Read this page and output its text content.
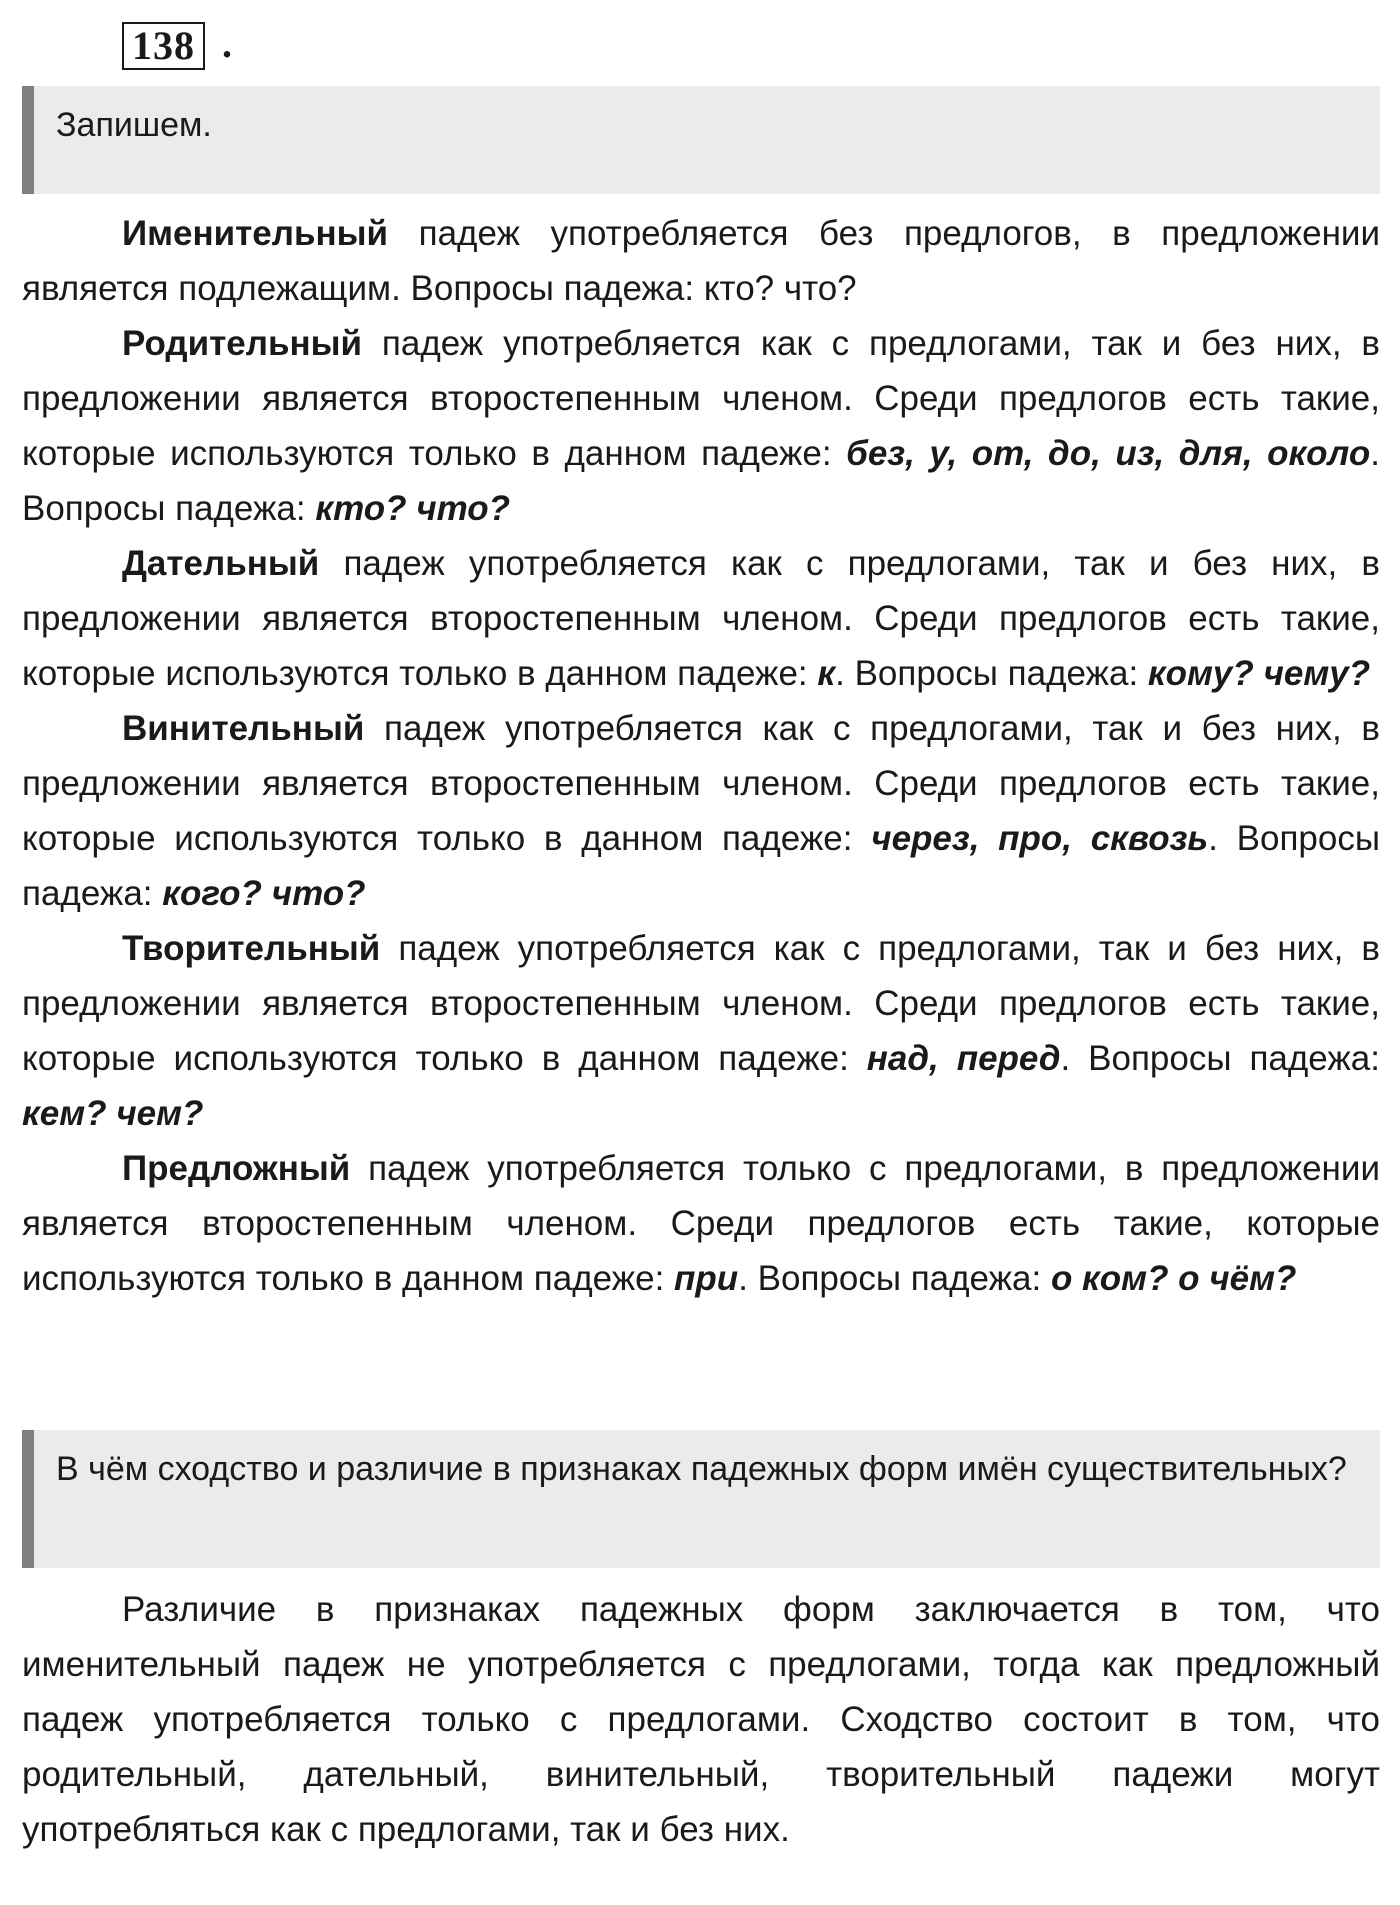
138 .
Запишем.

Именительный падеж употребляется без предлогов, в предложении является подлежащим. Вопросы падежа: кто? что?

Родительный падеж употребляется как с предлогами, так и без них, в предложении является второстепенным членом. Среди предлогов есть такие, которые используются только в данном падеже: без, у, от, до, из, для, около. Вопросы падежа: кто? что?

Дательный падеж употребляется как с предлогами, так и без них, в предложении является второстепенным членом. Среди предлогов есть такие, которые используются только в данном падеже: к. Вопросы падежа: кому? чему?

Винительный падеж употребляется как с предлогами, так и без них, в предложении является второстепенным членом. Среди предлогов есть такие, которые используются только в данном падеже: через, про, сквозь. Вопросы падежа: кого? что?

Творительный падеж употребляется как с предлогами, так и без них, в предложении является второстепенным членом. Среди предлогов есть такие, которые используются только в данном падеже: над, перед. Вопросы падежа: кем? чем?

Предложный падеж употребляется только с предлогами, в предложении является второстепенным членом. Среди предлогов есть такие, которые используются только в данном падеже: при. Вопросы падежа: о ком? о чём?

В чём сходство и различие в признаках падежных форм имён существительных?

Различие в признаках падежных форм заключается в том, что именительный падеж не употребляется с предлогами, тогда как предложный падеж употребляется только с предлогами. Сходство состоит в том, что родительный, дательный, винительный, творительный падежи могут употребляться как с предлогами, так и без них.
